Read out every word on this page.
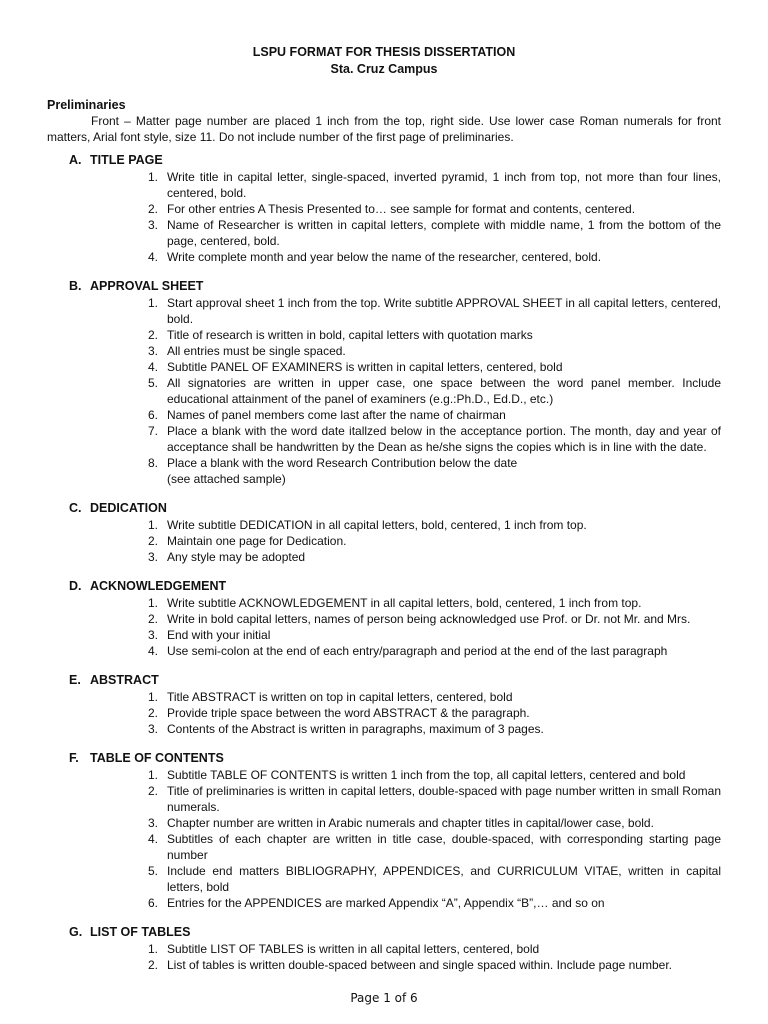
LSPU FORMAT FOR THESIS DISSERTATION
Sta. Cruz Campus

Preliminaries

Front – Matter page number are placed 1 inch from the top, right side. Use lower case Roman numerals for front matters, Arial font style, size 11. Do not include number of the first page of preliminaries.

A. TITLE PAGE
1. Write title in capital letter, single-spaced, inverted pyramid, 1 inch from top, not more than four lines, centered, bold.
2. For other entries A Thesis Presented to… see sample for format and contents, centered.
3. Name of Researcher is written in capital letters, complete with middle name, 1 from the bottom of the page, centered, bold.
4. Write complete month and year below the name of the researcher, centered, bold.
B. APPROVAL SHEET
1. Start approval sheet 1 inch from the top. Write subtitle APPROVAL SHEET in all capital letters, centered, bold.
2. Title of research is written in bold, capital letters with quotation marks
3. All entries must be single spaced.
4. Subtitle PANEL OF EXAMINERS is written in capital letters, centered, bold
5. All signatories are written in upper case, one space between the word panel member. Include educational attainment of the panel of examiners (e.g.:Ph.D., Ed.D., etc.)
6. Names of panel members come last after the name of chairman
7. Place a blank with the word date itallzed below in the acceptance portion. The month, day and year of acceptance shall be handwritten by the Dean as he/she signs the copies which is in line with the date.
8. Place a blank with the word Research Contribution below the date
(see attached sample)
C. DEDICATION
1. Write subtitle DEDICATION in all capital letters, bold, centered, 1 inch from top.
2. Maintain one page for Dedication.
3. Any style may be adopted
D. ACKNOWLEDGEMENT
1. Write subtitle ACKNOWLEDGEMENT in all capital letters, bold, centered, 1 inch from top.
2. Write in bold capital letters, names of person being acknowledged use Prof. or Dr. not Mr. and Mrs.
3. End with your initial
4. Use semi-colon at the end of each entry/paragraph and period at the end of the last paragraph
E. ABSTRACT
1. Title ABSTRACT is written on top in capital letters, centered, bold
2. Provide triple space between the word ABSTRACT & the paragraph.
3. Contents of the Abstract is written in paragraphs, maximum of 3 pages.
F. TABLE OF CONTENTS
1. Subtitle TABLE OF CONTENTS is written 1 inch from the top, all capital letters, centered and bold
2. Title of preliminaries is written in capital letters, double-spaced with page number written in small Roman numerals.
3. Chapter number are written in Arabic numerals and chapter titles in capital/lower case, bold.
4. Subtitles of each chapter are written in title case, double-spaced, with corresponding starting page number
5. Include end matters BIBLIOGRAPHY, APPENDICES, and CURRICULUM VITAE, written in capital letters, bold
6. Entries for the APPENDICES are marked Appendix “A”, Appendix “B”,… and so on
G. LIST OF TABLES
1. Subtitle LIST OF TABLES is written in all capital letters, centered, bold
2. List of tables is written double-spaced between and single spaced within. Include page number.
Page 1 of 6
